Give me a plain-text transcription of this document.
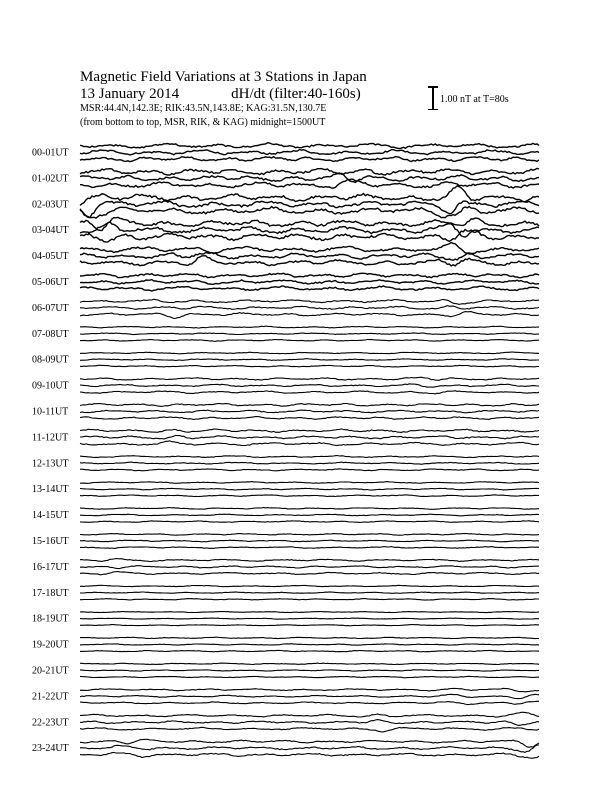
Magnetic Field Variations at 3 Stations in Japan
13 January 2014	dH/dt (filter:40-160s)
MSR:44.4N,142.3E; RIK:43.5N,143.8E; KAG:31.5N,130.7E
(from bottom to top, MSR, RIK, & KAG) midnight=1500UT
1.00 nT at T=80s
00-01UT
01-02UT
02-03UT
03-04UT
04-05UT
05-06UT
06-07UT
07-08UT
08-09UT
09-10UT
10-11UT
11-12UT
12-13UT
13-14UT
14-15UT
15-16UT
16-17UT
17-18UT
18-19UT
19-20UT
20-21UT
21-22UT
22-23UT
23-24UT
